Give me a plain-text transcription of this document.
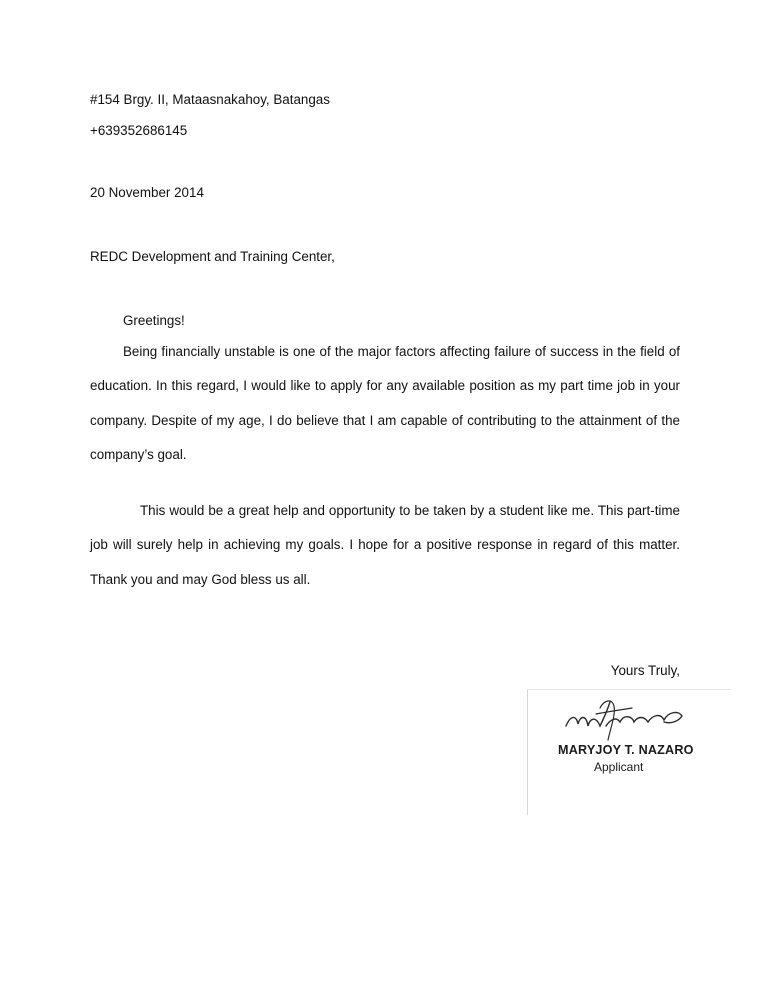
#154 Brgy. II, Mataasnakahoy, Batangas
+639352686145
20 November 2014
REDC Development and Training Center,
Greetings!

Being financially unstable is one of the major factors affecting failure of success in the field of education. In this regard, I would like to apply for any available position as my part time job in your company. Despite of my age, I do believe that I am capable of contributing to the attainment of the company’s goal.

This would be a great help and opportunity to be taken by a student like me. This part-time job will surely help in achieving my goals. I hope for a positive response in regard of this matter. Thank you and may God bless us all.

Yours Truly,
MARYJOY T. NAZARO
Applicant
